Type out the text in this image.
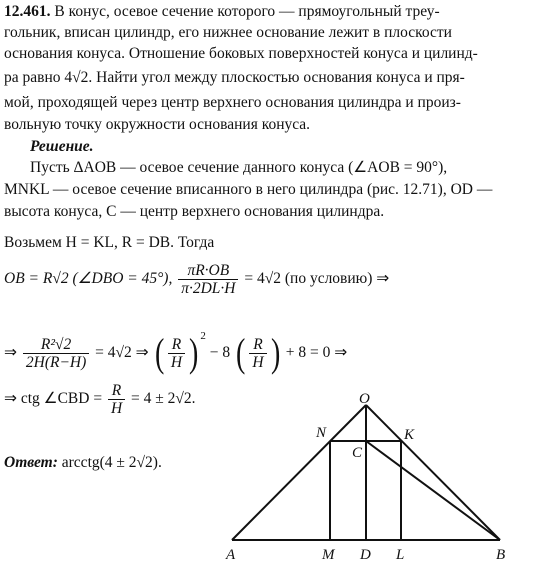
12.461. В конус, осевое сечение которого — прямоугольный треу-
гольник, вписан цилиндр, его нижнее основание лежит в плоскости
основания конуса. Отношение боковых поверхностей конуса и цилинд-
ра равно 4√2. Найти угол между плоскостью основания конуса и пря-
мой, проходящей через центр верхнего основания цилиндра и произ-
вольную точку окружности основания конуса.
Решение.
Пусть ΔAOB — осевое сечение данного конуса (∠AOB = 90°),
MNKL — осевое сечение вписанного в него цилиндра (рис. 12.71), OD —
высота конуса, C — центр верхнего основания цилиндра.
Возьмем H = KL, R = DB. Тогда
OB = R√2 (∠DBO = 45°), $\frac{\pi R\cdot OB}{\pi\cdot 2DL\cdot H} = 4√2$ (по условию) ⇒
⇒ $\frac{\text{R²√2}}{2H(R-H)} = 4√2$ ⇒ ( $\frac{R}{H}$ ) $^2$ − 8 ( $\frac{R}{H}$ ) + 8 = 0 ⇒
⇒ ctg ∠CBD = $\frac{R}{H} = 4 \pm 2√2$.
Ответ: arcctg(4 ± 2√2).
O
N	K
C
A	M D L	B
